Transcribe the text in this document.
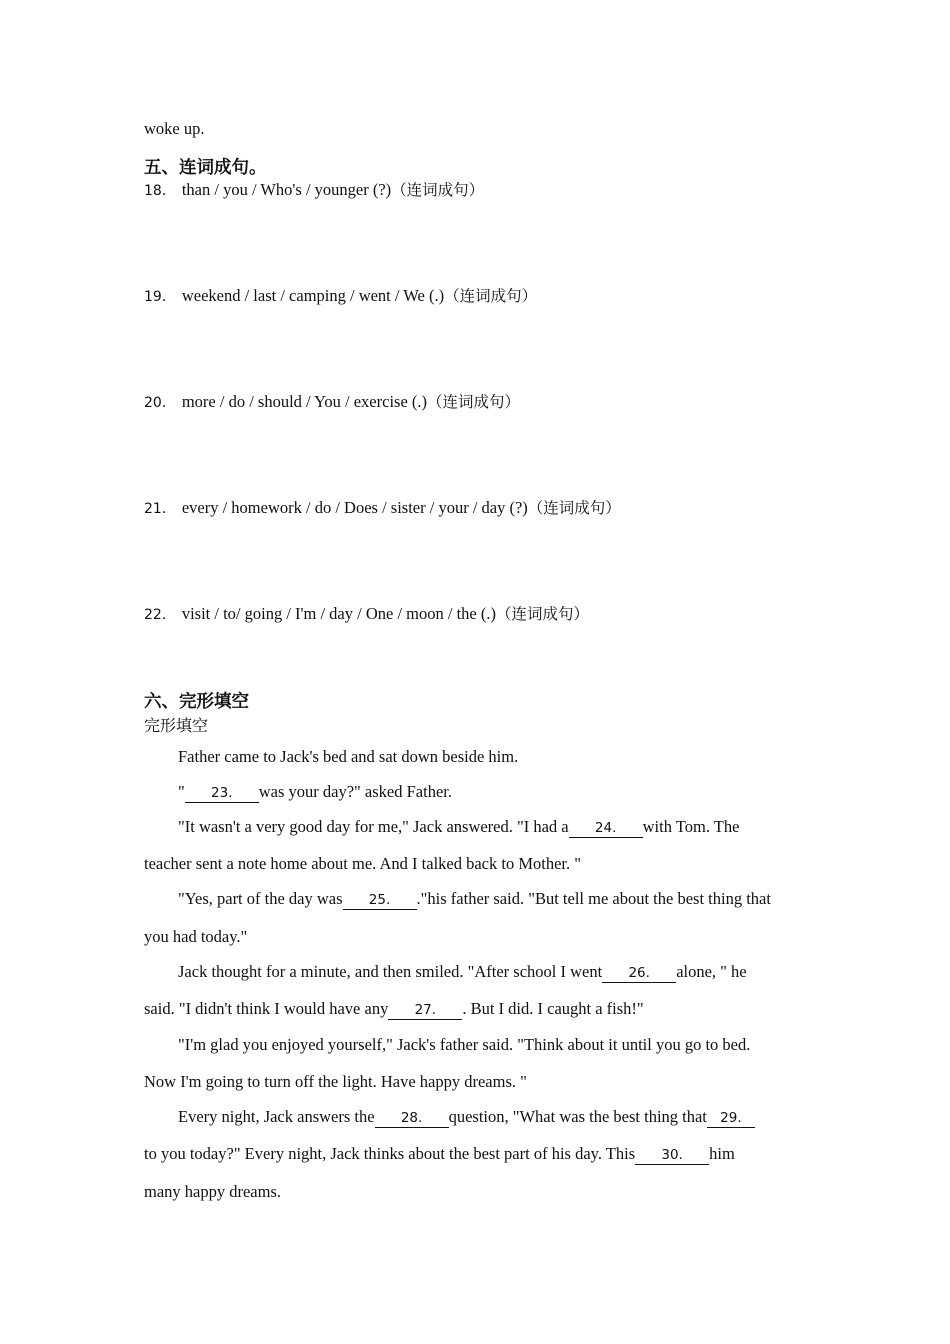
woke up.
五、连词成句。
18． than / you / Who's / younger (?)（连词成句）
19． weekend / last / camping / went / We (.)（连词成句）
20． more / do / should / You / exercise (.)（连词成句）
21． every / homework / do / Does / sister / your / day (?)（连词成句）
22． visit / to/ going / I'm / day / One / moon / the (.)（连词成句）
六、完形填空
完形填空
Father came to Jack's bed and sat down beside him.
" 23. was your day?" asked Father.
"It wasn't a very good day for me," Jack answered. "I had a 24. with Tom. The
teacher sent a note home about me. And I talked back to Mother. "
"Yes, part of the day was 25. ."his father said. "But tell me about the best thing that
you had today."
Jack thought for a minute, and then smiled. "After school I went 26. alone, " he
said. "I didn't think I would have any 27. . But I did. I caught a fish!"
"I'm glad you enjoyed yourself," Jack's father said. "Think about it until you go to bed.
Now I'm going to turn off the light. Have happy dreams. "
Every night, Jack answers the 28. question, "What was the best thing that 29.
to you today?" Every night, Jack thinks about the best part of his day. This 30. him
many happy dreams.
